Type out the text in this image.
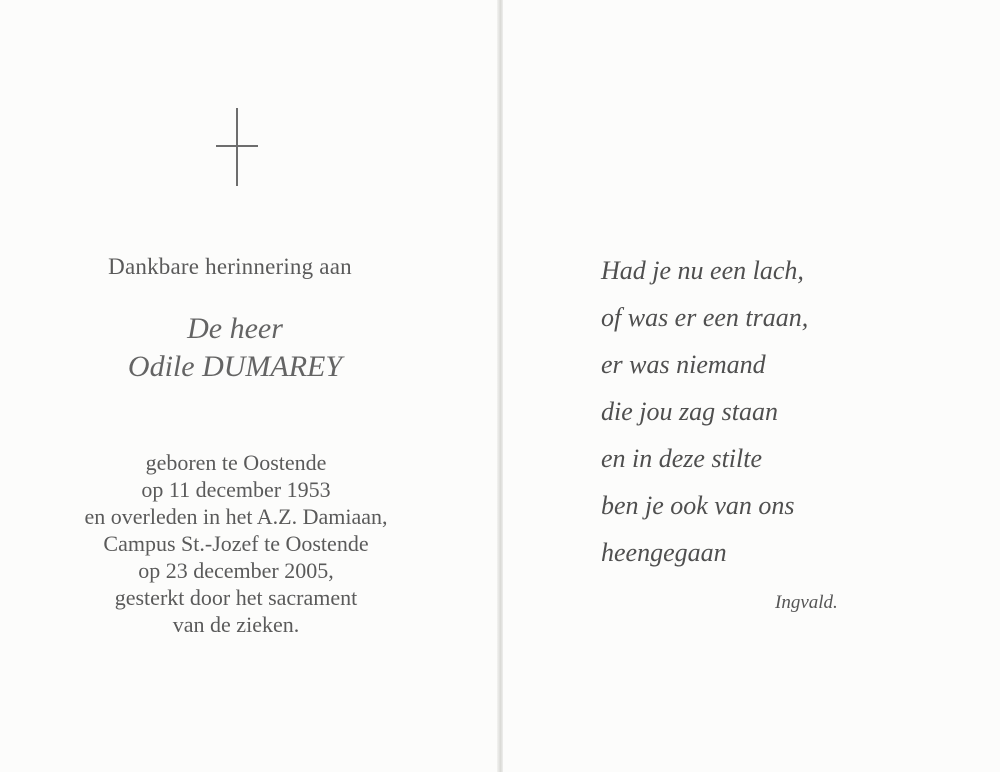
Dankbare herinnering aan
De heer
Odile DUMAREY
geboren te Oostende
op 11 december 1953
en overleden in het A.Z. Damiaan,
Campus St.-Jozef te Oostende
op 23 december 2005,
gesterkt door het sacrament
van de zieken.
Had je nu een lach,
of was er een traan,
er was niemand
die jou zag staan
en in deze stilte
ben je ook van ons
heengegaan
Ingvald.
